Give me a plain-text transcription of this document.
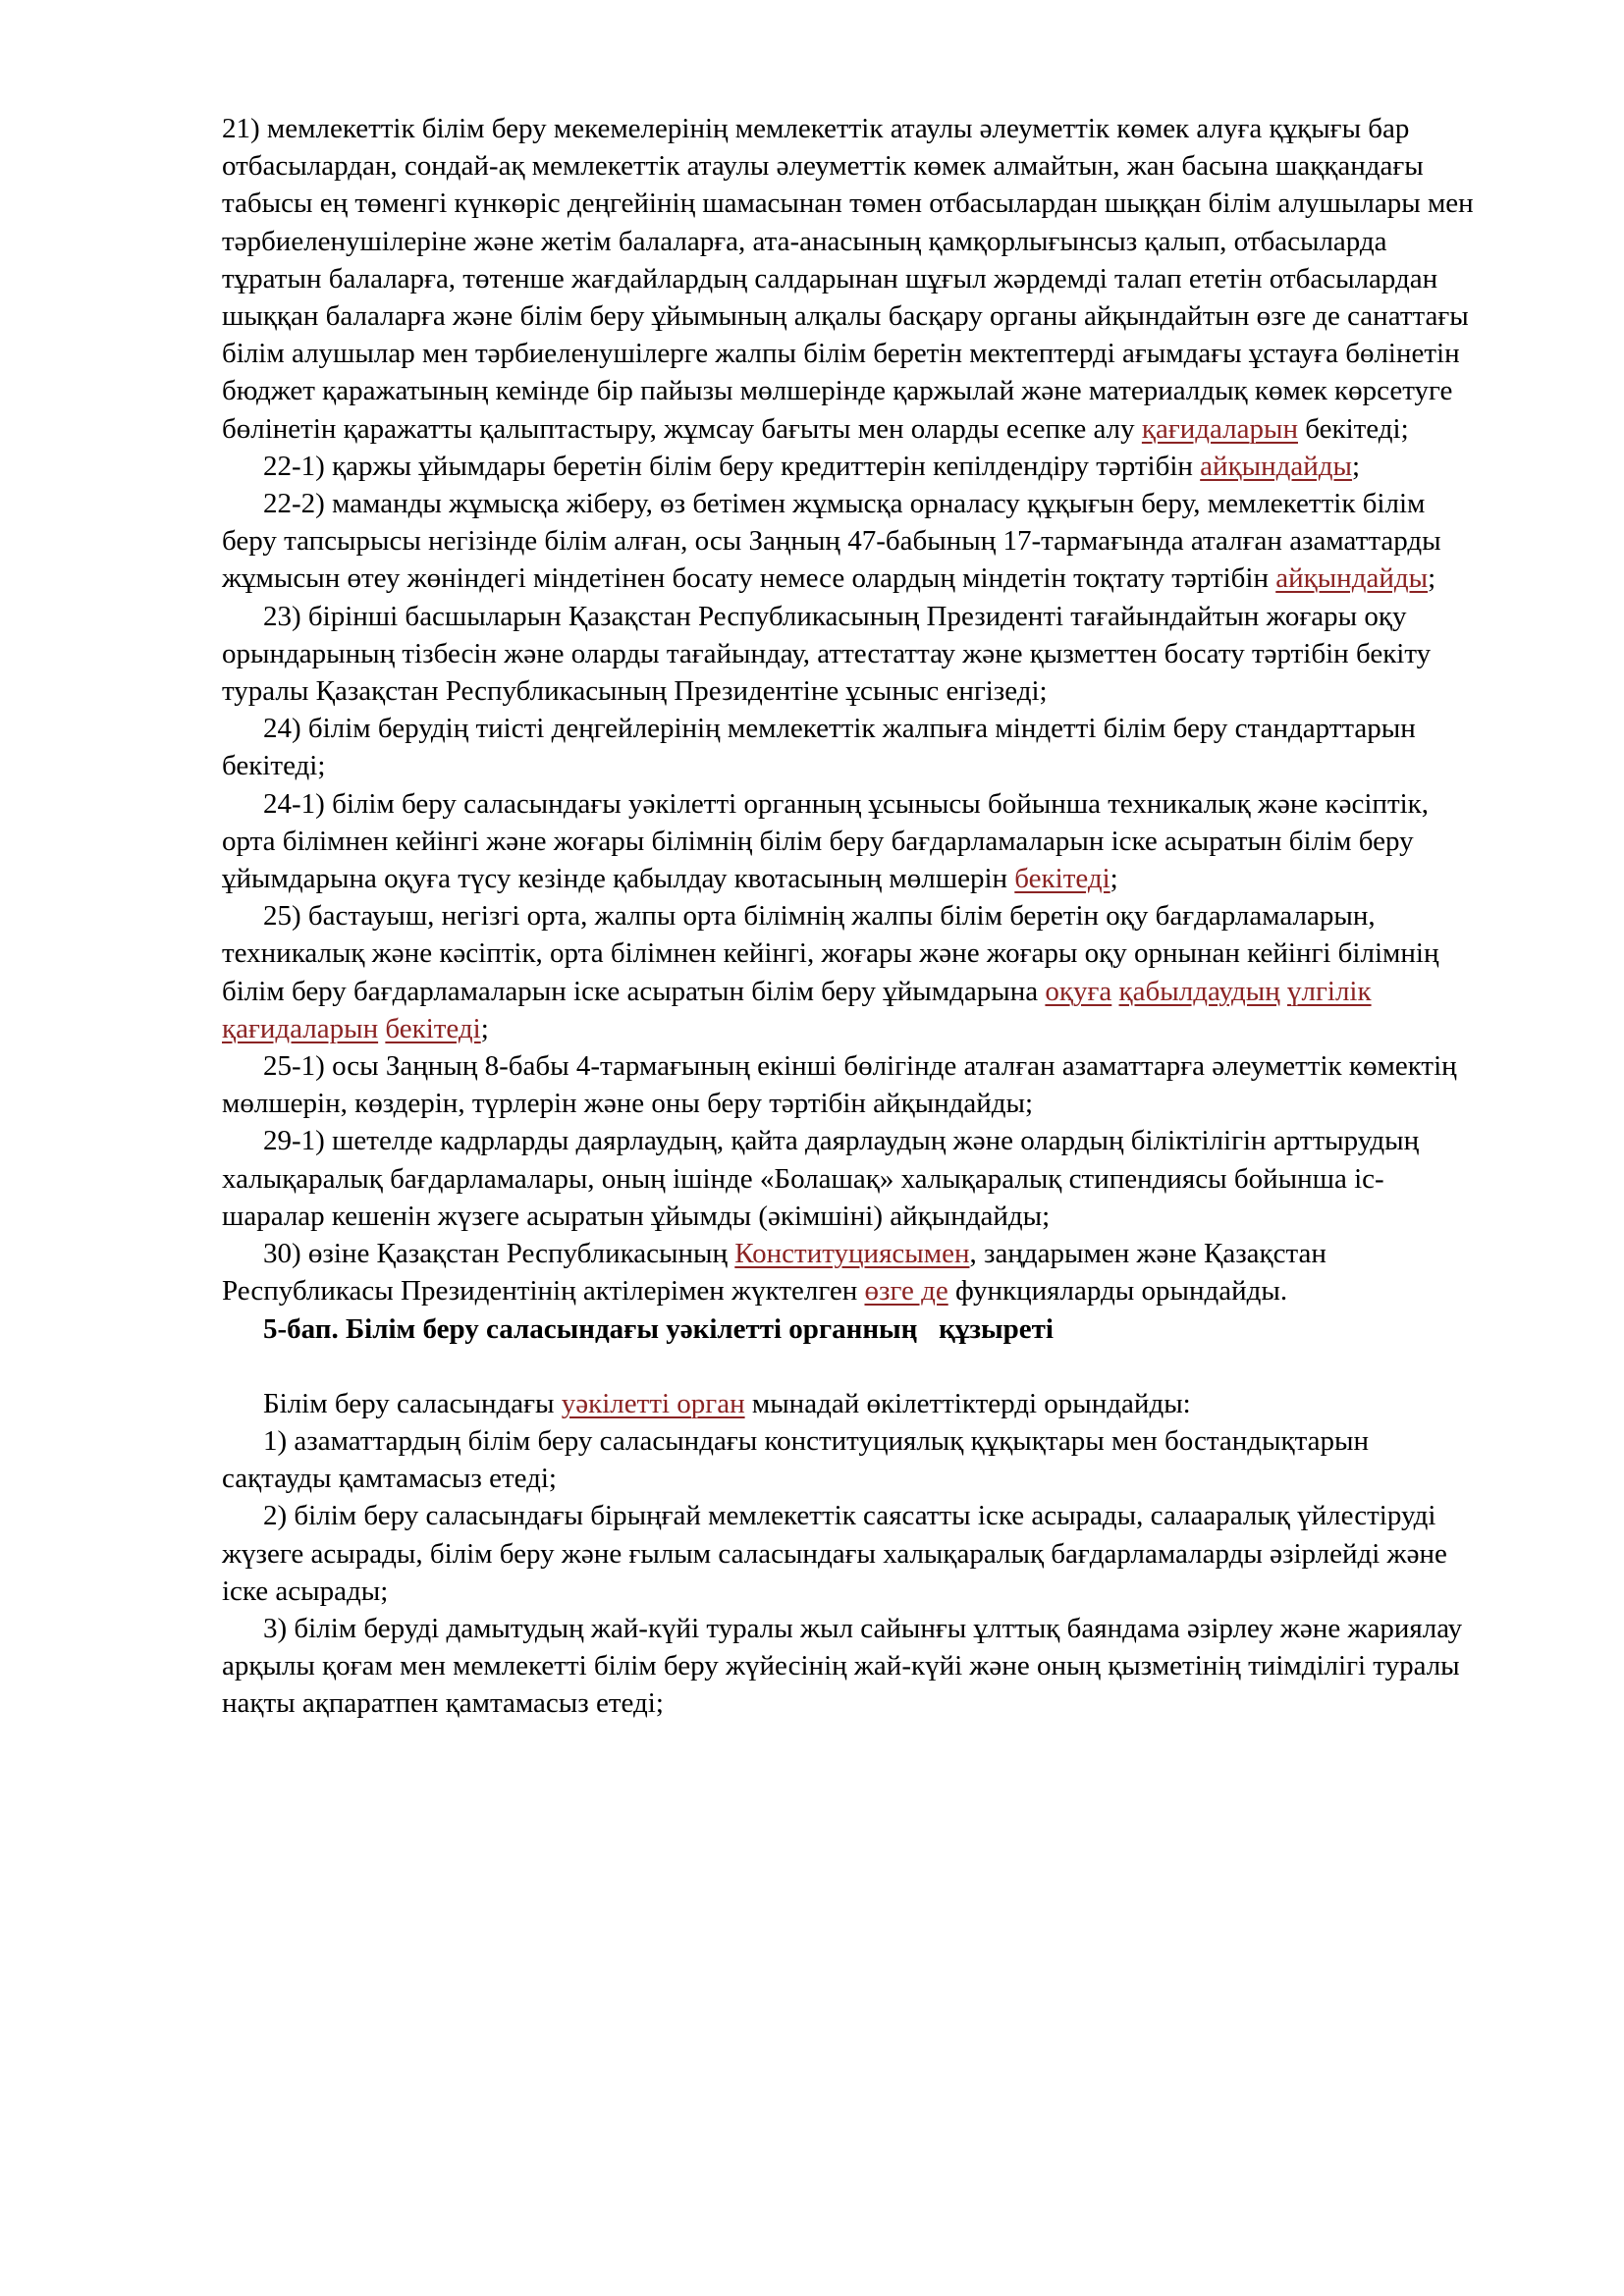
21) мемлекеттік білім беру мекемелерінің мемлекеттік атаулы әлеуметтік көмек алуға құқығы бар отбасылардан, сондай-ақ мемлекеттік атаулы әлеуметтік көмек алмайтын, жан басына шаққандағы табысы ең төменгі күнкөріс деңгейінің шамасынан төмен отбасылардан шыққан білім алушылары мен тәрбиеленушілеріне және жетім балаларға, ата-анасының қамқорлығынсыз қалып, отбасыларда тұратын балаларға, төтенше жағдайлардың салдарынан шұғыл жәрдемді талап ететін отбасылардан шыққан балаларға және білім беру ұйымының алқалы басқару органы айқындайтын өзге де санаттағы білім алушылар мен тәрбиеленушілерге жалпы білім беретін мектептерді ағымдағы ұстауға бөлінетін бюджет қаражатының кемінде бір пайызы мөлшерінде қаржылай және материалдық көмек көрсетуге бөлінетін қаражатты қалыптастыру, жұмсау бағыты мен оларды есепке алу қағидаларын бекітеді;

22-1) қаржы ұйымдары беретін білім беру кредиттерін кепілдендіру тәртібін айқындайды;

22-2) маманды жұмысқа жіберу, өз бетімен жұмысқа орналасу құқығын беру, мемлекеттік білім беру тапсырысы негізінде білім алған, осы Заңның 47-бабының 17-тармағында аталған азаматтарды жұмысын өтеу жөніндегі міндетінен босату немесе олардың міндетін тоқтату тәртібін айқындайды;

23) бірінші басшыларын Қазақстан Республикасының Президенті тағайындайтын жоғары оқу орындарының тізбесін және оларды тағайындау, аттестаттау және қызметтен босату тәртібін бекіту туралы Қазақстан Республикасының Президентіне ұсыныс енгізеді;

24) білім берудің тиісті деңгейлерінің мемлекеттік жалпыға міндетті білім беру стандарттарын бекітеді;

24-1) білім беру саласындағы уәкілетті органның ұсынысы бойынша техникалық және кәсіптік, орта білімнен кейінгі және жоғары білімнің білім беру бағдарламаларын іске асыратын білім беру ұйымдарына оқуға түсу кезінде қабылдау квотасының мөлшерін бекітеді;

25) бастауыш, негізгі орта, жалпы орта білімнің жалпы білім беретін оқу бағдарламаларын, техникалық және кәсіптік, орта білімнен кейінгі, жоғары және жоғары оқу орнынан кейінгі білімнің білім беру бағдарламаларын іске асыратын білім беру ұйымдарына оқуға қабылдаудың үлгілік қағидаларын бекітеді;

25-1) осы Заңның 8-бабы 4-тармағының екінші бөлігінде аталған азаматтарға әлеуметтік көмектің мөлшерін, көздерін, түрлерін және оны беру тәртібін айқындайды;

29-1) шетелде кадрларды даярлаудың, қайта даярлаудың және олардың біліктілігін арттырудың халықаралық бағдарламалары, оның ішінде «Болашақ» халықаралық стипендиясы бойынша іс-шаралар кешенін жүзеге асыратын ұйымды (әкімшіні) айқындайды;

30) өзіне Қазақстан Республикасының Конституциясымен, заңдарымен және Қазақстан Республикасы Президентінің актілерімен жүктелген өзге де функцияларды орындайды.

5-бап. Білім беру саласындағы уәкілетті органның   құзыреті

Білім беру саласындағы уәкілетті орган мынадай өкілеттіктерді орындайды:

1) азаматтардың білім беру саласындағы конституциялық құқықтары мен бостандықтарын сақтауды қамтамасыз етеді;

2) білім беру саласындағы бірыңғай мемлекеттік саясатты іске асырады, салааралық үйлестіруді жүзеге асырады, білім беру және ғылым саласындағы халықаралық бағдарламаларды әзірлейді және іске асырады;

3) білім беруді дамытудың жай-күйі туралы жыл сайынғы ұлттық баяндама әзірлеу және жариялау арқылы қоғам мен мемлекетті білім беру жүйесінің жай-күйі және оның қызметінің тиімділігі туралы нақты ақпаратпен қамтамасыз етеді;
